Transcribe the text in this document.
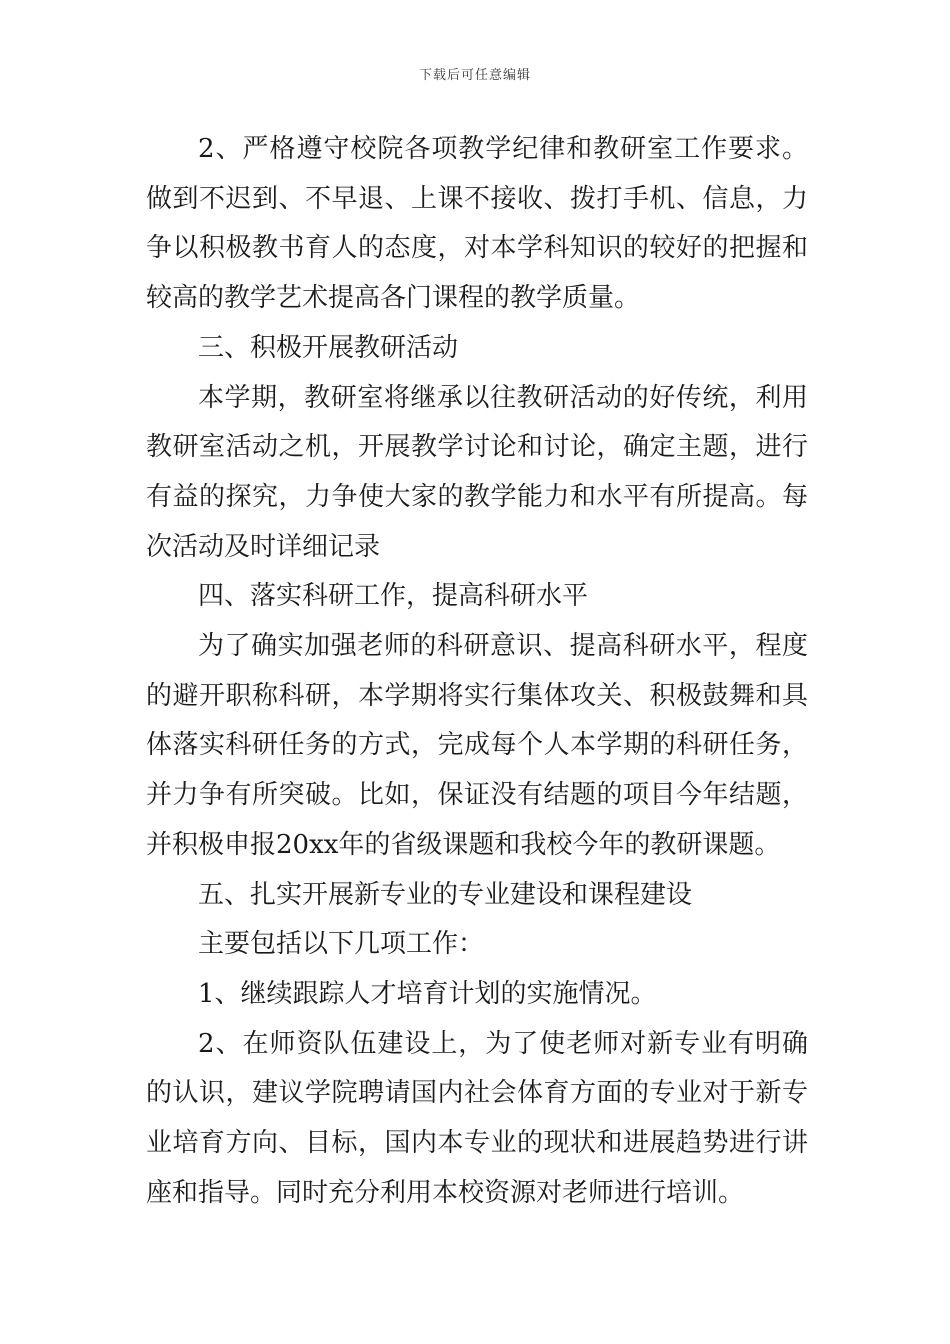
下载后可任意编辑

2、严格遵守校院各项教学纪律和教研室工作要求。做到不迟到、不早退、上课不接收、拨打手机、信息，力争以积极教书育人的态度，对本学科知识的较好的把握和较高的教学艺术提高各门课程的教学质量。

三、积极开展教研活动

本学期，教研室将继承以往教研活动的好传统，利用教研室活动之机，开展教学讨论和讨论，确定主题，进行有益的探究，力争使大家的教学能力和水平有所提高。每次活动及时详细记录

四、落实科研工作，提高科研水平

为了确实加强老师的科研意识、提高科研水平，程度的避开职称科研，本学期将实行集体攻关、积极鼓舞和具体落实科研任务的方式，完成每个人本学期的科研任务，并力争有所突破。比如，保证没有结题的项目今年结题，并积极申报20xx年的省级课题和我校今年的教研课题。

五、扎实开展新专业的专业建设和课程建设

主要包括以下几项工作：

1、继续跟踪人才培育计划的实施情况。

2、在师资队伍建设上，为了使老师对新专业有明确的认识，建议学院聘请国内社会体育方面的专业对于新专业培育方向、目标，国内本专业的现状和进展趋势进行讲座和指导。同时充分利用本校资源对老师进行培训。
